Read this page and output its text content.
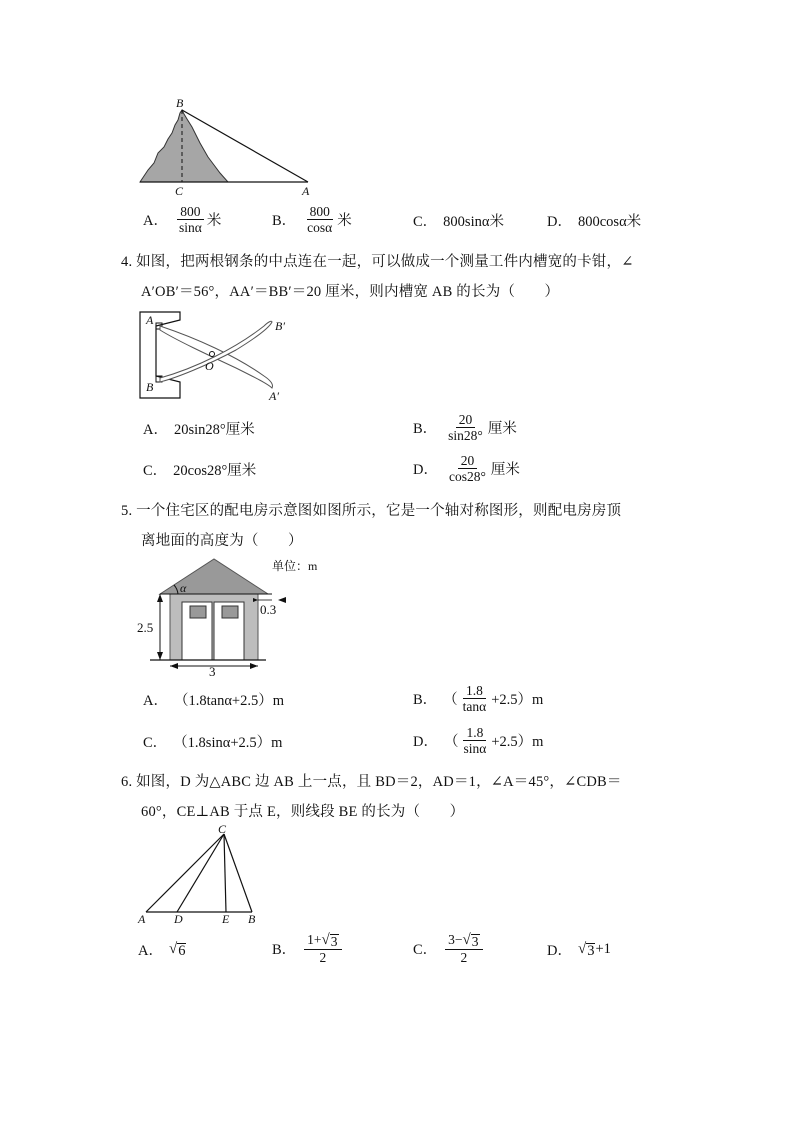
B
C	A
A． $\frac{800}{\sin\alpha}$ 米	B． $\frac{800}{\cos\alpha}$ 米	C． 800sinα米	D． 800cosα米
4. 如图，把两根钢条的中点连在一起，可以做成一个测量工件内槽宽的卡钳，∠
A′OB′＝56°，AA′＝BB′＝20 厘米，则内槽宽 AB 的长为（　　）
A
B
B′
A′
O
A． 20sin28°厘米	B． $\frac{20}{\sin 28^\circ}$ 厘米
C． 20cos28°厘米	D． $\frac{20}{\cos 28^\circ}$ 厘米
5. 一个住宅区的配电房示意图如图所示，它是一个轴对称图形，则配电房房顶
离地面的高度为（　　）
单位：m
α
0.3
2.5
3
A． （1.8tanα+2.5）m	B． （ $\frac{1.8}{\tan\alpha} +2.5)m$
C． （1.8sinα+2.5）m	D． （ $\frac{1.8}{\sin\alpha} +2.5)m$
6. 如图，D 为△ABC 边 AB 上一点，且 BD＝2，AD＝1，∠A＝45°，∠CDB＝
60°，CE⊥AB 于点 E，则线段 BE 的长为（　　）
C
A D	E B
A． √ 6	B． $\frac{1+ √ 3}{2}$	C． $\frac{3- √ 3}{2}$	D． √ 3 +1
